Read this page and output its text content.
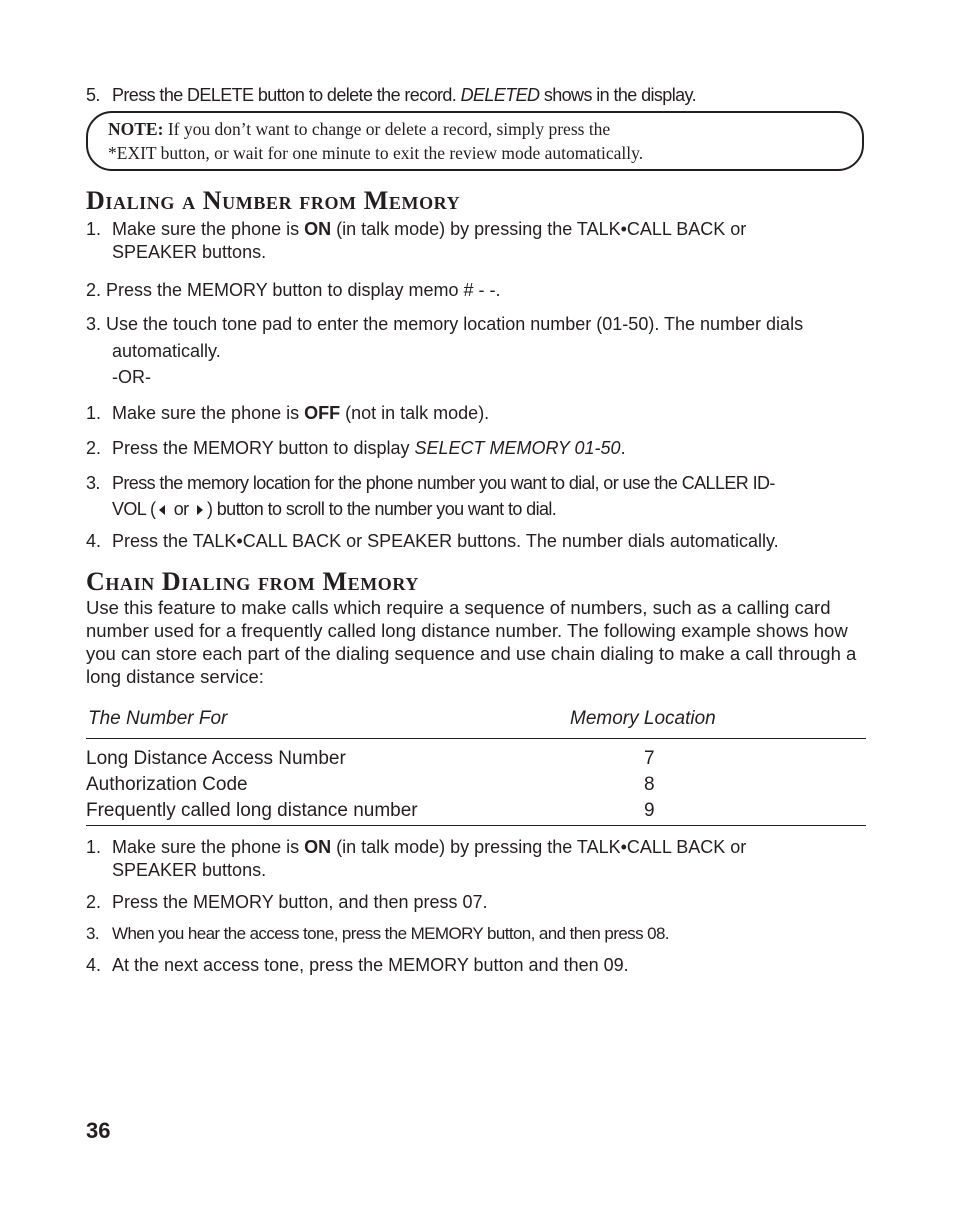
5. Press the DELETE button to delete the record. DELETED shows in the display.
NOTE: If you don’t want to change or delete a record, simply press the
*EXIT button, or wait for one minute to exit the review mode automatically.
Dialing a Number from Memory
1. Make sure the phone is ON (in talk mode) by pressing the TALK•CALL BACK or
SPEAKER buttons.
2. Press the MEMORY button to display memo # - -.
3. Use the touch tone pad to enter the memory location number (01-50). The number dials
automatically.
-OR-
1. Make sure the phone is OFF (not in talk mode).
2. Press the MEMORY button to display SELECT MEMORY 01-50.
3. Press the memory location for the phone number you want to dial, or use the CALLER ID-
VOL ( or ) button to scroll to the number you want to dial.
4. Press the TALK•CALL BACK or SPEAKER buttons. The number dials automatically.
Chain Dialing from Memory
Use this feature to make calls which require a sequence of numbers, such as a calling card number used for a frequently called long distance number. The following example shows how you can store each part of the dialing sequence and use chain dialing to make a call through a long distance service:
The Number For	Memory Location
Long Distance Access Number	7
Authorization Code	8
Frequently called long distance number	9
1. Make sure the phone is ON (in talk mode) by pressing the TALK•CALL BACK or
SPEAKER buttons.
2. Press the MEMORY button, and then press 07.
3. When you hear the access tone, press the MEMORY button, and then press 08.
4. At the next access tone, press the MEMORY button and then 09.
36
